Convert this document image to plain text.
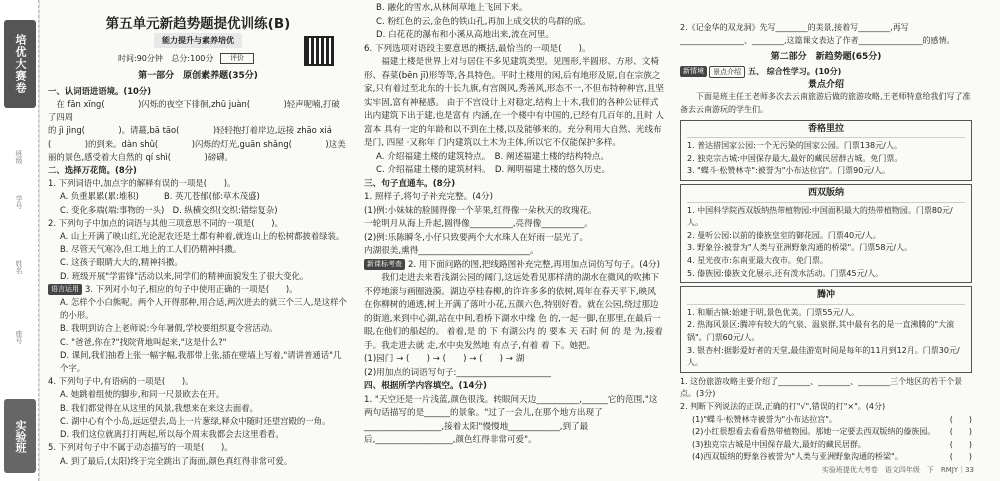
培优大赛卷
班级
学号
姓名
座号
实验班
第五单元新趋势题提优训练(B)
能力提升与素养培优
时间:90分钟 总分:100分 评价
第一部分　原创素养题(35分)
一、认词语进语境。(10分)
　在 fān xīng(　　　　)闪烁的夜空下徘徊,zhū juàn(　　　　)轻声呢喃,打破了四周
的 jì jìng(　　　　)。请蕞,bā tāo(　　　　)轻轻抱打着岸边,远接 zhāo xiá
(　　　　)的到来。dàn shǔ(　　　　)闪烁的灯光,guān shǎng(　　　　)这美丽的景色,感受着大自然的 qí shì(　　　　)磅礴。
二、选择万花筒。(8分)
1. 下列词语中,加点字的解释有误的一项是(　　)。
A. 负重累累(累:堆积)　　　B. 英兀苍郁(郁:草木茂盛)
C. 变化多端(端:事物的一头)　D. 纵横交织(交织:错综复杂)
2. 下列句子中加点的词语与其他三项意思不同的一项是(　　)。
A. 山上开满了映山红,光论泥农还是土都有种着,就连山上的松树都披着绿装。
B. 尽管天气寒冷,但工地上的工人们仍精神抖擞。
C. 这孩子眼睛大大的,精神抖擞。
D. 班级开展"学雷锋"活动以来,同学们的精神面貌发生了很大变化。
语言运用 3. 下列对小句子,相应的句子中使用正确的一项是(　　)。
A. 怎样个小白熊呢。两个人开得那种,用合适,两次进去的就三个三人,是这样个的小形。
B. 我明到访合上老师说:今年暑假,学校要组织夏令营活动。
C. "爸爸,你在?"找院背地叫起来,"这是什么?"
D. 课间,我们抽看上张一幅字幅,我那带上张,插在壁墙上写着,"请讲普通话"几个字。
4. 下列句子中,有语病的一项是(　　)。
A. 她跳着组使的脚步,和同一尺景欧去在开。
B. 我们都觉得在从这里的风景,我想来在来这去面着。
C. 湖中心有个小岛,远远望去,岛上一片葱绿,释众中随时还望宫殿的一角。
D. 我们这位就离打打两起,所以每个周末我都会去这里看看。
5. 下列对句子中不属于动态描写的一项是(　　)。
A. 到了最后,(太阳)终于完全跳出了海面,颜色真红得非常可爱。
B. 融化的雪水,从林间草地上飞回下来。
C. 粉红色的云,金色的铁山孔,再加上成交状的鸟群的底。
D. 白花花的瀑布和小溪从高地出来,流在河里。
6. 下列选项对语段主要意思的概括,最恰当的一项是(　　)。
福建土楼是世界上对与居住不多见建筑类型。见图形,半圆形、方形、文椅形、春菜(bēn jī)形等等,各具特色。平时土楼用的闲,后有地形及原,自在宗族之家,只有着过至北东的十长九旗,有宫阁风,秀善风,形态不一,不但布特种种宫,且坚实牢固,富有神秘感。 由于不宫设计上对稳定,结构上十木,我们的各种公证样式出内建筑下出于建,也是富有 内涵,在一个楼中有中国的,已经有几百年的,且时 人 富本 具有一定的年龄和以不到在土楼,以及能够来的。充分利用大自然、光线布是门, 四屋 ·又称年 门内建筑以土木为主体,所以它不仅能保护多样。
A. 介绍福建土楼的建筑特点。　B. 阐述福建土楼的结构特点。
C. 介绍福建土楼的建筑材料。　D. 阐明福建土楼的悠久历史。
三、句子直通车。(8分)
1. 照样子,将句子补充完整。(4分)
(1)例:小妹妹的脸圆得像一个苹果,红得像一朵秋天的玫瑰花。
一轮明月从海上升起,圆得像__________,亮得像__________。
(2)例:乐陈瞬冬,小仔只致要两个大水珠人在好雨一层光了。
内湖很美,熏得__________________________。
新课标考查 2. 用下面问路的图,把线路图补充完整,再用加点词仿写句子。(4分)
我们走进去来看浅湖公园的阔门,这远处看见那样清的湖水在微风的吹拂下不停地滚与画圈涟漪。湖边亭桂春柳,的许许多多的依树,周年在春天平下,映风在你柳树的通透,树上开满了落叶小花,五颜六色,特别好看。就在公园,绕过那边的街道,来到中心湖,站在中间,看桥下湖水中缘 色 的,一起一脚,在那里,在最后一眼,在他们的船起的。 着着,是 的 下 有湖公内 的 要本 天 石时 何 的 是 为,接着 手。我走进去就 走,水中央发然地 有点子,有着 着 下。她把。
(1)园门 → (　　) → (　　) → (　　) → 湖
(2)用加点的词语写句子:______________________
四、根据所学内容填空。(14分)
1. "天空还是一片浅蓝,颜色很浅。转眼间天边__________,______它的范围,"这两句话描写的是______的景象。"过了一会儿,在那个地方出现了__________________,接着太阳"慢慢地____________,到了最后,__________________,颜色红得非常可爱"。
2.《记金华的双龙洞》先写________的美景,接着写________,再写________________、________,这篇课文表达了作者________________的感情。
第二部分　新趋势题(65分)
新情境 景点介绍 五、 综合性学习。(10分)
景点介绍
下面是班主任王老师多次去云南旅游后做的旅游攻略,王老师特意给我们写了准备去云南游玩的学生们。
香格里拉
1. 普达措国家公园:一个无污染的国家公园。门票138元/人。
2. 独克宗古城:中国保存最大,最好的藏民居群古城。免门票。
3. "蝶斗·松赞林寺":被誉为"小布达拉宫"。门票90元/人。
西双版纳
1. 中国科学院西双版纳热带植物园:中国面积最大的热带植物园。门票80元/人。
2. 曼听公园:以前的傣族皇室的御花园。门票40元/人。
3. 野象谷:被誉为"人类与亚洲野象沟通的桥梁"。门票58元/人。
4. 星光夜市:东南亚最大夜市。免门票。
5. 傣族园:傣族文化展示,还有泼水活动。门票45元/人。
腾冲
1. 和顺古镇:始建于明,景色优美。门票55元/人。
2. 热海风景区:腾冲有较大的气泉、温泉群,其中最有名的是一直沸腾的"大滚锅"。门票60元/人。
3. 银杏村:据影爱好者的天堂,最佳游览时间是每年的11月到12月。门票30元/人。
1. 这份旅游攻略主要介绍了________、________、________三个地区的若干个景点。(3分)
2. 判断下列说法的正误,正确的打"√",错误的打"×"。(4分)
(1)"蝶斗·松赞林寺被誉为"小布达拉宫"。	(　　)
(2)小红很想看去看看热带植物园。那她一定要去西双版纳的傣族园。 (　　)
(3)独克宗古城是中国保存最大,最好的藏民居群。	(　　)
(4)西双版纳的野象谷被誉为"人类与亚洲野象沟通的桥梁"。	(　　)
实验班提优大考卷　语文四年级　下　RMJY｜33
